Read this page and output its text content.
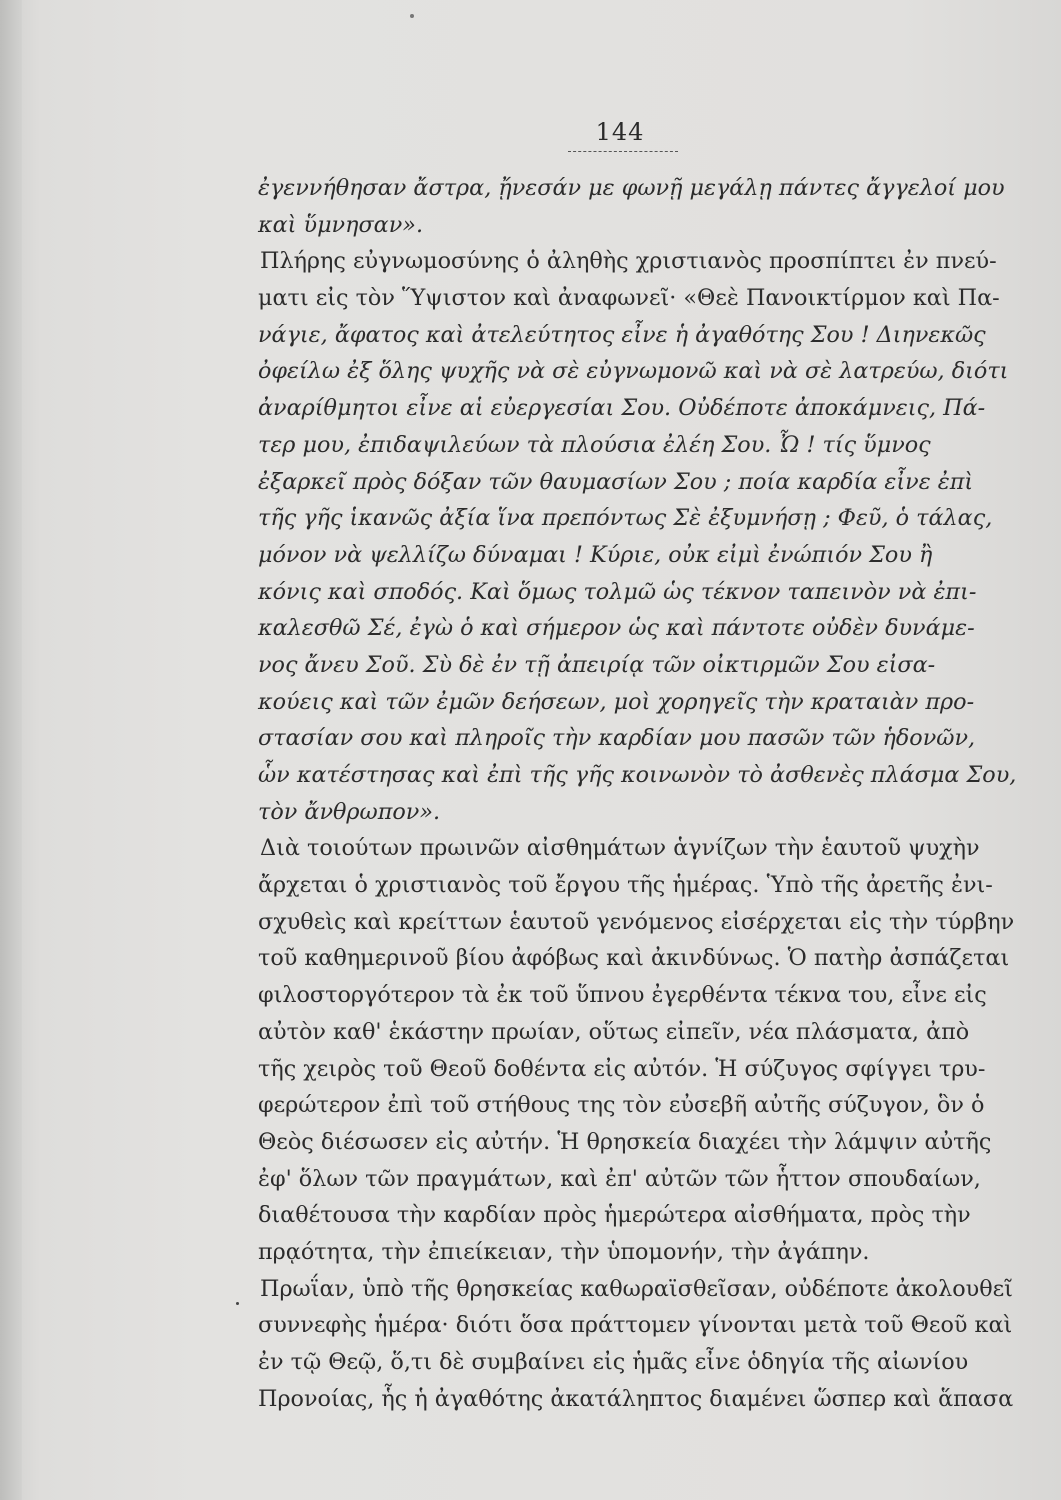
144
ἐγεννήθησαν ἄστρα, ᾔνεσάν με φωνῇ μεγάλῃ πάντες ἄγγελοί μου
καὶ ὕμνησαν».
Πλήρης εὐγνωμοσύνης ὁ ἀληθὴς χριστιανὸς προσπίπτει ἐν πνεύ-
ματι εἰς τὸν Ὕψιστον καὶ ἀναφωνεῖ· «Θεὲ Πανοικτίρμον καὶ Πα-
νάγιε, ἄφατος καὶ ἀτελεύτητος εἶνε ἡ ἀγαθότης Σου ! Διηνεκῶς
ὀφείλω ἐξ ὅλης ψυχῆς νὰ σὲ εὐγνωμονῶ καὶ νὰ σὲ λατρεύω, διότι
ἀναρίθμητοι εἶνε αἱ εὐεργεσίαι Σου. Οὐδέποτε ἀποκάμνεις, Πά-
τερ μου, ἐπιδαψιλεύων τὰ πλούσια ἐλέη Σου. Ὦ ! τίς ὕμνος
ἐξαρκεῖ πρὸς δόξαν τῶν θαυμασίων Σου ; ποία καρδία εἶνε ἐπὶ
τῆς γῆς ἱκανῶς ἀξία ἵνα πρεπόντως Σὲ ἐξυμνήσῃ ; Φεῦ, ὁ τάλας,
μόνον νὰ ψελλίζω δύναμαι ! Κύριε, οὐκ εἰμὶ ἐνώπιόν Σου ἢ
κόνις καὶ σποδός. Καὶ ὅμως τολμῶ ὡς τέκνον ταπεινὸν νὰ ἐπι-
καλεσθῶ Σέ, ἐγὼ ὁ καὶ σήμερον ὡς καὶ πάντοτε οὐδὲν δυνάμε-
νος ἄνευ Σοῦ. Σὺ δὲ ἐν τῇ ἀπειρίᾳ τῶν οἰκτιρμῶν Σου εἰσα-
κούεις καὶ τῶν ἐμῶν δεήσεων, μοὶ χορηγεῖς τὴν κραταιὰν προ-
στασίαν σου καὶ πληροῖς τὴν καρδίαν μου πασῶν τῶν ἡδονῶν,
ὧν κατέστησας καὶ ἐπὶ τῆς γῆς κοινωνὸν τὸ ἀσθενὲς πλάσμα Σου,
τὸν ἄνθρωπον».
Διὰ τοιούτων πρωινῶν αἰσθημάτων ἁγνίζων τὴν ἑαυτοῦ ψυχὴν
ἄρχεται ὁ χριστιανὸς τοῦ ἔργου τῆς ἡμέρας. Ὑπὸ τῆς ἀρετῆς ἐνι-
σχυθεὶς καὶ κρείττων ἑαυτοῦ γενόμενος εἰσέρχεται εἰς τὴν τύρβην
τοῦ καθημερινοῦ βίου ἀφόβως καὶ ἀκινδύνως. Ὁ πατὴρ ἀσπάζεται
φιλοστοργότερον τὰ ἐκ τοῦ ὕπνου ἐγερθέντα τέκνα του, εἶνε εἰς
αὐτὸν καθ' ἑκάστην πρωίαν, οὕτως εἰπεῖν, νέα πλάσματα, ἀπὸ
τῆς χειρὸς τοῦ Θεοῦ δοθέντα εἰς αὐτόν. Ἡ σύζυγος σφίγγει τρυ-
φερώτερον ἐπὶ τοῦ στήθους της τὸν εὐσεβῆ αὐτῆς σύζυγον, ὃν ὁ
Θεὸς διέσωσεν εἰς αὐτήν. Ἡ θρησκεία διαχέει τὴν λάμψιν αὐτῆς
ἐφ' ὅλων τῶν πραγμάτων, καὶ ἐπ' αὐτῶν τῶν ἧττον σπουδαίων,
διαθέτουσα τὴν καρδίαν πρὸς ἡμερώτερα αἰσθήματα, πρὸς τὴν
πρᾳότητα, τὴν ἐπιείκειαν, τὴν ὑπομονήν, τὴν ἀγάπην.
Πρωΐαν, ὑπὸ τῆς θρησκείας καθωραϊσθεῖσαν, οὐδέποτε ἀκολουθεῖ
συννεφὴς ἡμέρα· διότι ὅσα πράττομεν γίνονται μετὰ τοῦ Θεοῦ καὶ
ἐν τῷ Θεῷ, ὅ,τι δὲ συμβαίνει εἰς ἡμᾶς εἶνε ὁδηγία τῆς αἰωνίου
Προνοίας, ἧς ἡ ἀγαθότης ἀκατάληπτος διαμένει ὥσπερ καὶ ἅπασα
